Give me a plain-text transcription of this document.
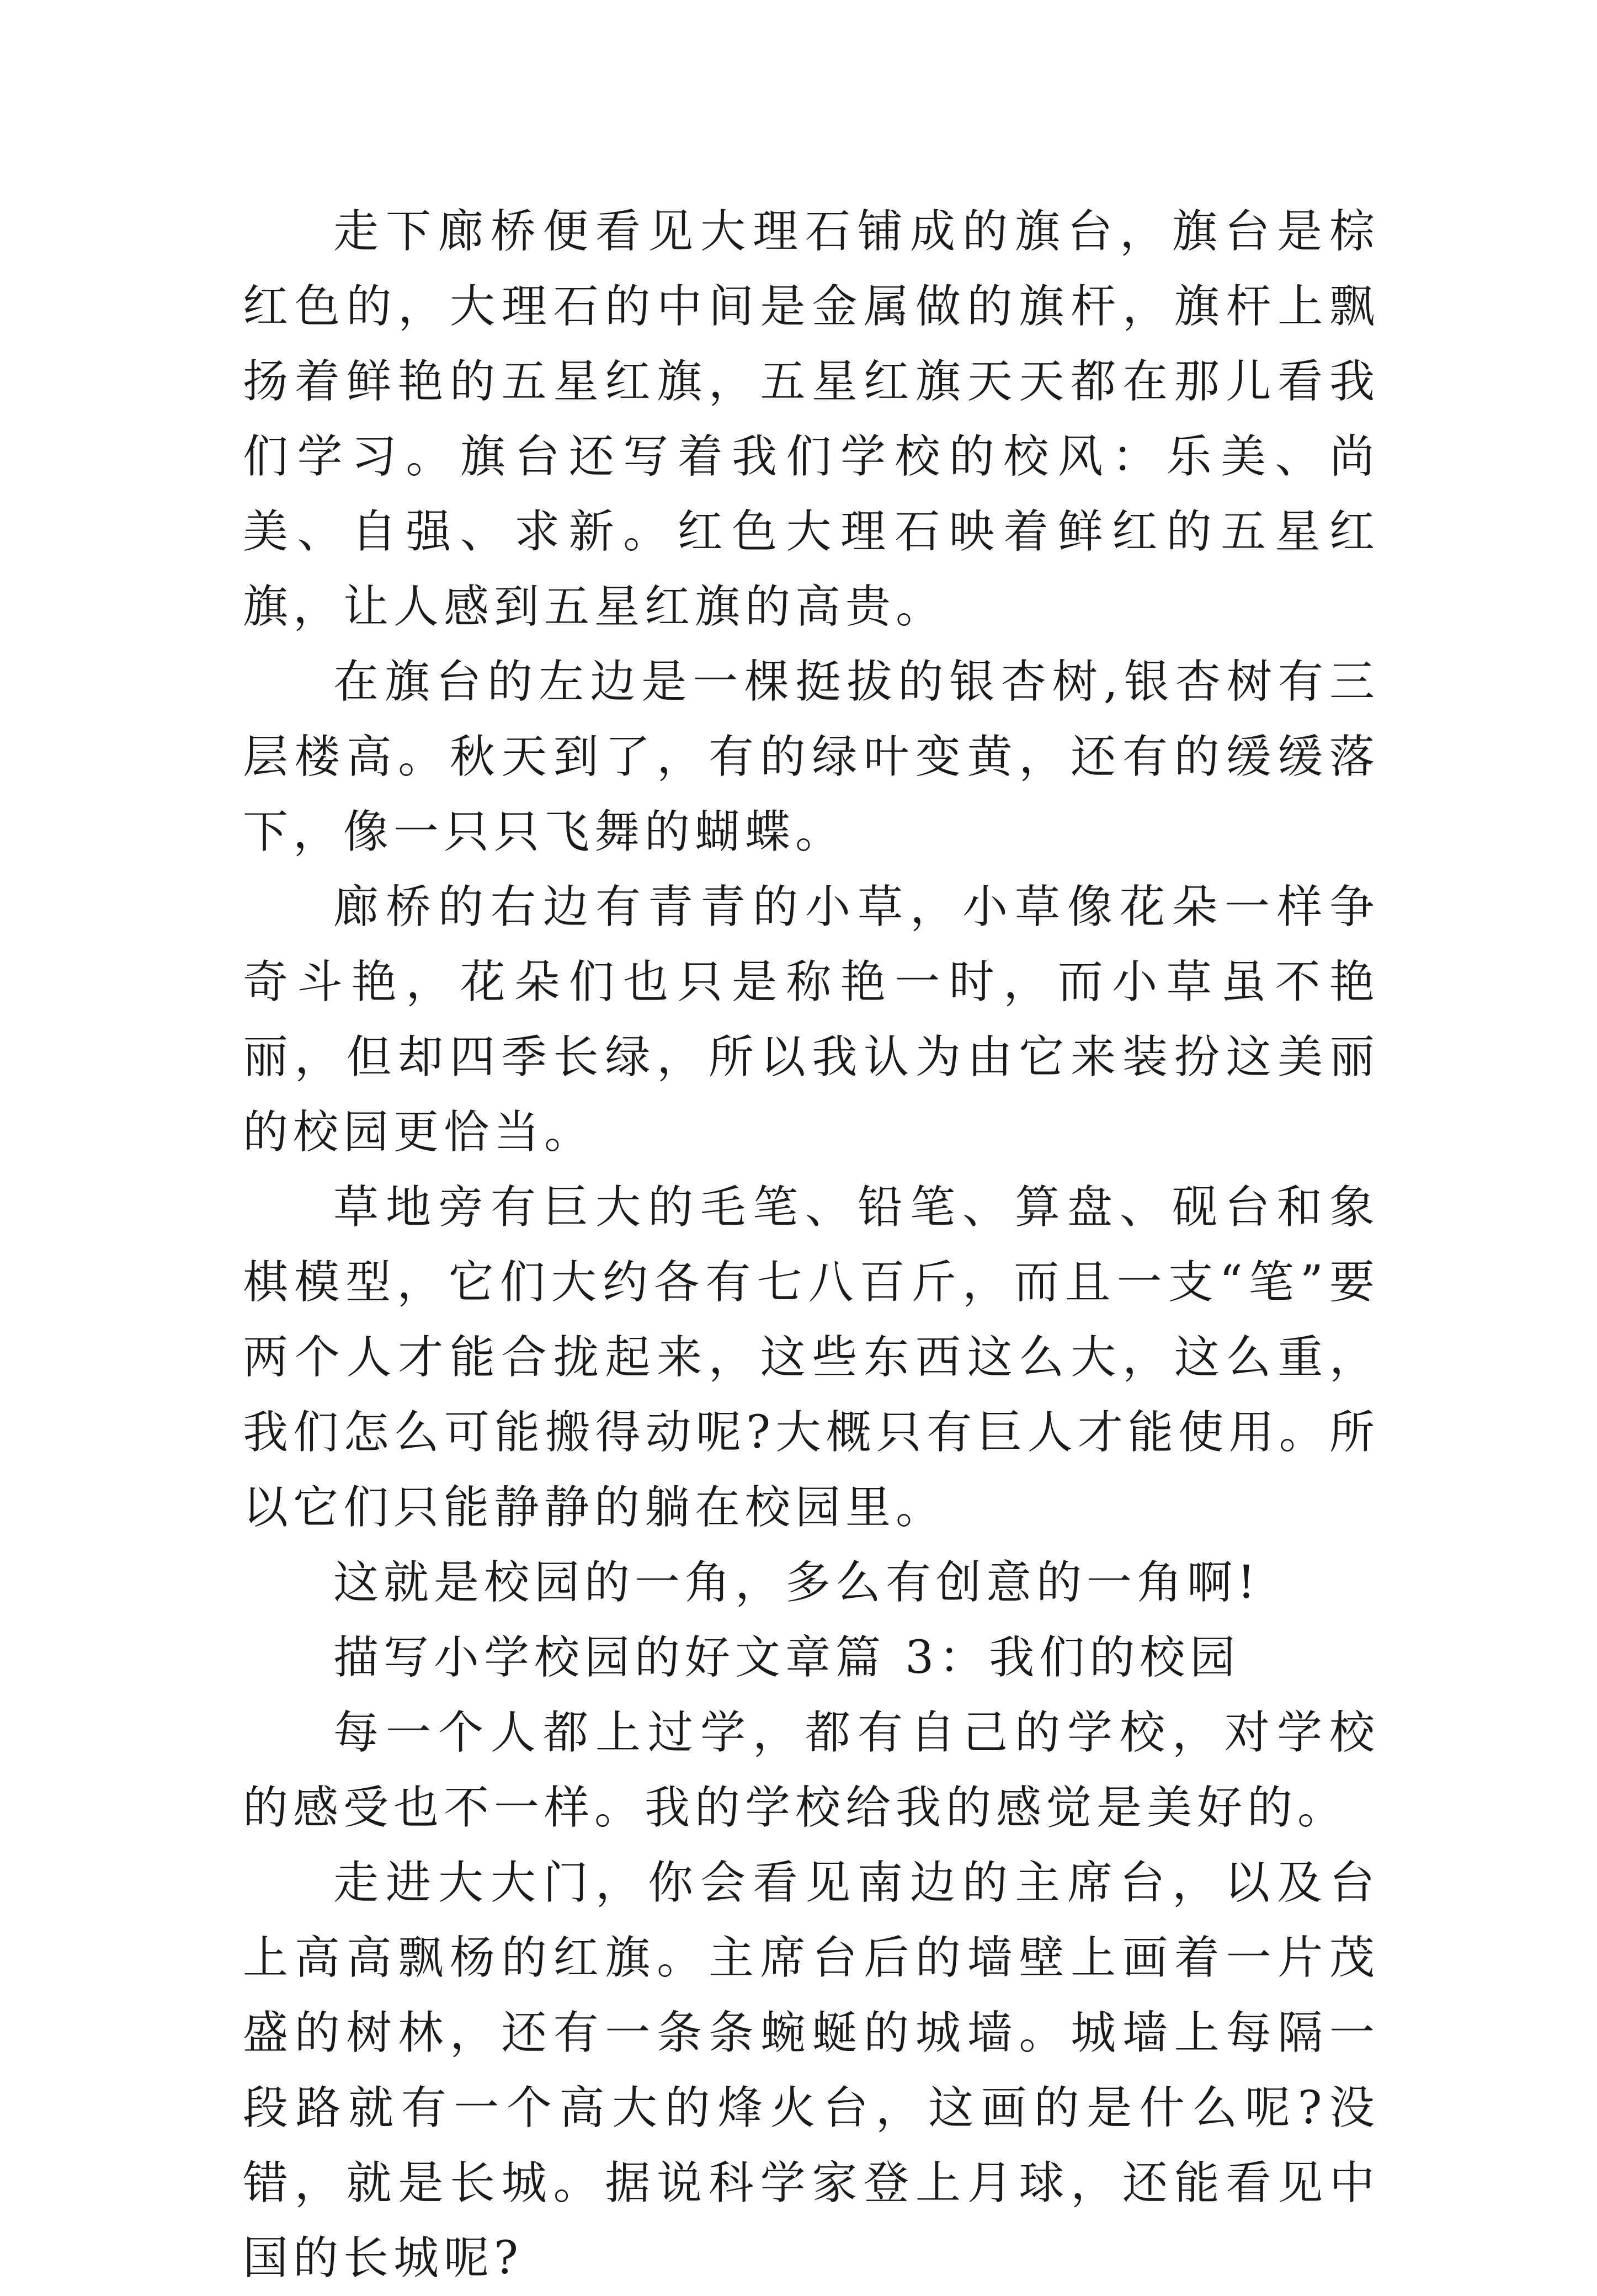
走下廊桥便看见大理石铺成的旗台，旗台是棕红色的，大理石的中间是金属做的旗杆，旗杆上飘扬着鲜艳的五星红旗，五星红旗天天都在那儿看我们学习。旗台还写着我们学校的校风：乐美、尚美、自强、求新。红色大理石映着鲜红的五星红旗，让人感到五星红旗的高贵。

在旗台的左边是一棵挺拔的银杏树,银杏树有三层楼高。秋天到了，有的绿叶变黄，还有的缓缓落下，像一只只飞舞的蝴蝶。

廊桥的右边有青青的小草，小草像花朵一样争奇斗艳，花朵们也只是称艳一时，而小草虽不艳丽，但却四季长绿，所以我认为由它来装扮这美丽的校园更恰当。

草地旁有巨大的毛笔、铅笔、算盘、砚台和象棋模型，它们大约各有七八百斤，而且一支“笔”要两个人才能合拢起来，这些东西这么大，这么重，我们怎么可能搬得动呢?大概只有巨人才能使用。所以它们只能静静的躺在校园里。

这就是校园的一角，多么有创意的一角啊!

描写小学校园的好文章篇 3：我们的校园

每一个人都上过学，都有自己的学校，对学校的感受也不一样。我的学校给我的感觉是美好的。

走进大大门，你会看见南边的主席台，以及台上高高飘杨的红旗。主席台后的墙壁上画着一片茂盛的树林，还有一条条蜿蜒的城墙。城墙上每隔一段路就有一个高大的烽火台，这画的是什么呢?没错，就是长城。据说科学家登上月球，还能看见中国的长城呢?
